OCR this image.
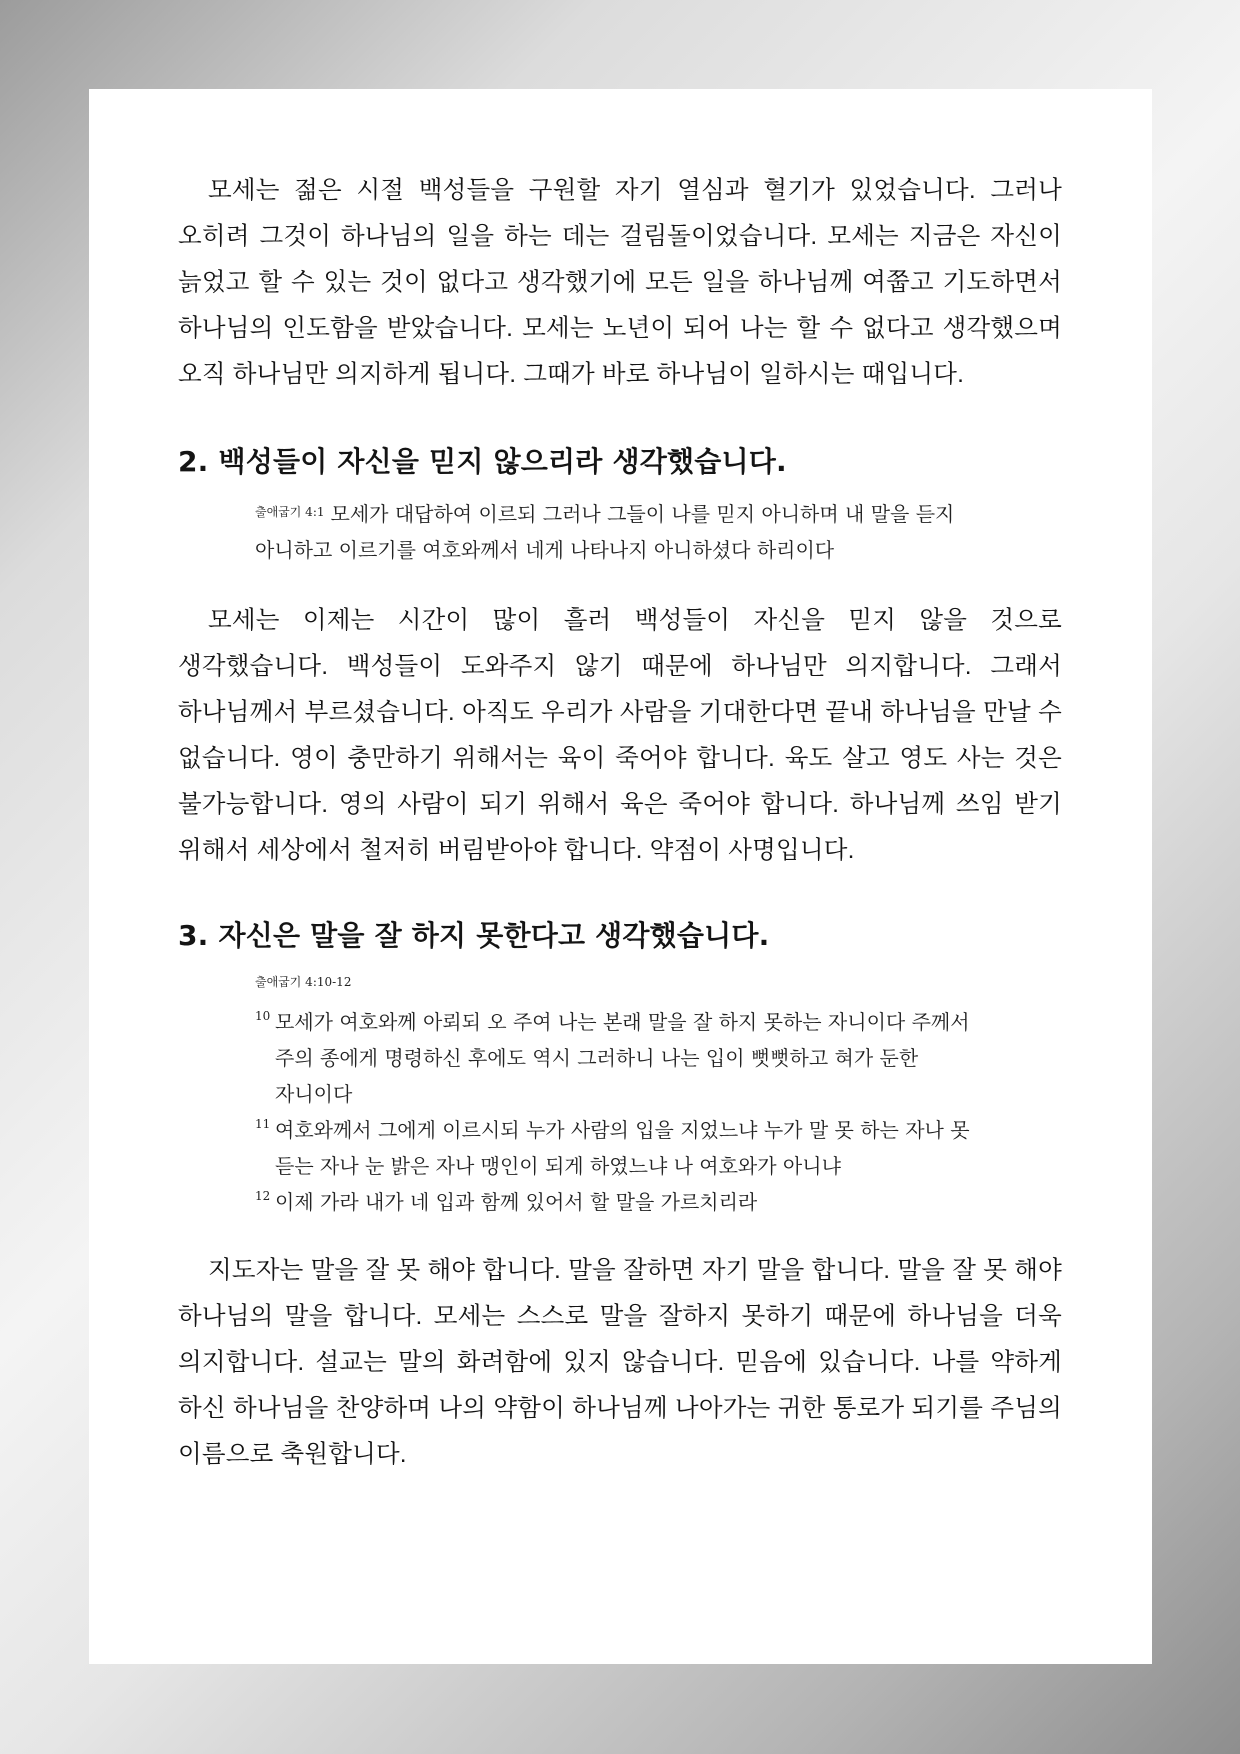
모세는 젊은 시절 백성들을 구원할 자기 열심과 혈기가 있었습니다. 그러나 오히려 그것이 하나님의 일을 하는 데는 걸림돌이었습니다. 모세는 지금은 자신이 늙었고 할 수 있는 것이 없다고 생각했기에 모든 일을 하나님께 여쭙고 기도하면서 하나님의 인도함을 받았습니다. 모세는 노년이 되어 나는 할 수 없다고 생각했으며 오직 하나님만 의지하게 됩니다. 그때가 바로 하나님이 일하시는 때입니다.

2. 백성들이 자신을 믿지 않으리라 생각했습니다.
$^{출애굽기 4:1}$ 모세가 대답하여 이르되 그러나 그들이 나를 믿지 아니하며 내 말을 듣지 아니하고 이르기를 여호와께서 네게 나타나지 아니하셨다 하리이다

모세는 이제는 시간이 많이 흘러 백성들이 자신을 믿지 않을 것으로 생각했습니다. 백성들이 도와주지 않기 때문에 하나님만 의지합니다. 그래서 하나님께서 부르셨습니다. 아직도 우리가 사람을 기대한다면 끝내 하나님을 만날 수 없습니다. 영이 충만하기 위해서는 육이 죽어야 합니다. 육도 살고 영도 사는 것은 불가능합니다. 영의 사람이 되기 위해서 육은 죽어야 합니다. 하나님께 쓰임 받기 위해서 세상에서 철저히 버림받아야 합니다. 약점이 사명입니다.

3. 자신은 말을 잘 하지 못한다고 생각했습니다.
출애굽기 4:10-12
10 모세가 여호와께 아뢰되 오 주여 나는 본래 말을 잘 하지 못하는 자니이다 주께서 주의 종에게 명령하신 후에도 역시 그러하니 나는 입이 뻣뻣하고 혀가 둔한 자니이다
11 여호와께서 그에게 이르시되 누가 사람의 입을 지었느냐 누가 말 못 하는 자나 못 듣는 자나 눈 밝은 자나 맹인이 되게 하였느냐 나 여호와가 아니냐
12 이제 가라 내가 네 입과 함께 있어서 할 말을 가르치리라

지도자는 말을 잘 못 해야 합니다. 말을 잘하면 자기 말을 합니다. 말을 잘 못 해야 하나님의 말을 합니다. 모세는 스스로 말을 잘하지 못하기 때문에 하나님을 더욱 의지합니다. 설교는 말의 화려함에 있지 않습니다. 믿음에 있습니다. 나를 약하게 하신 하나님을 찬양하며 나의 약함이 하나님께 나아가는 귀한 통로가 되기를 주님의 이름으로 축원합니다.
